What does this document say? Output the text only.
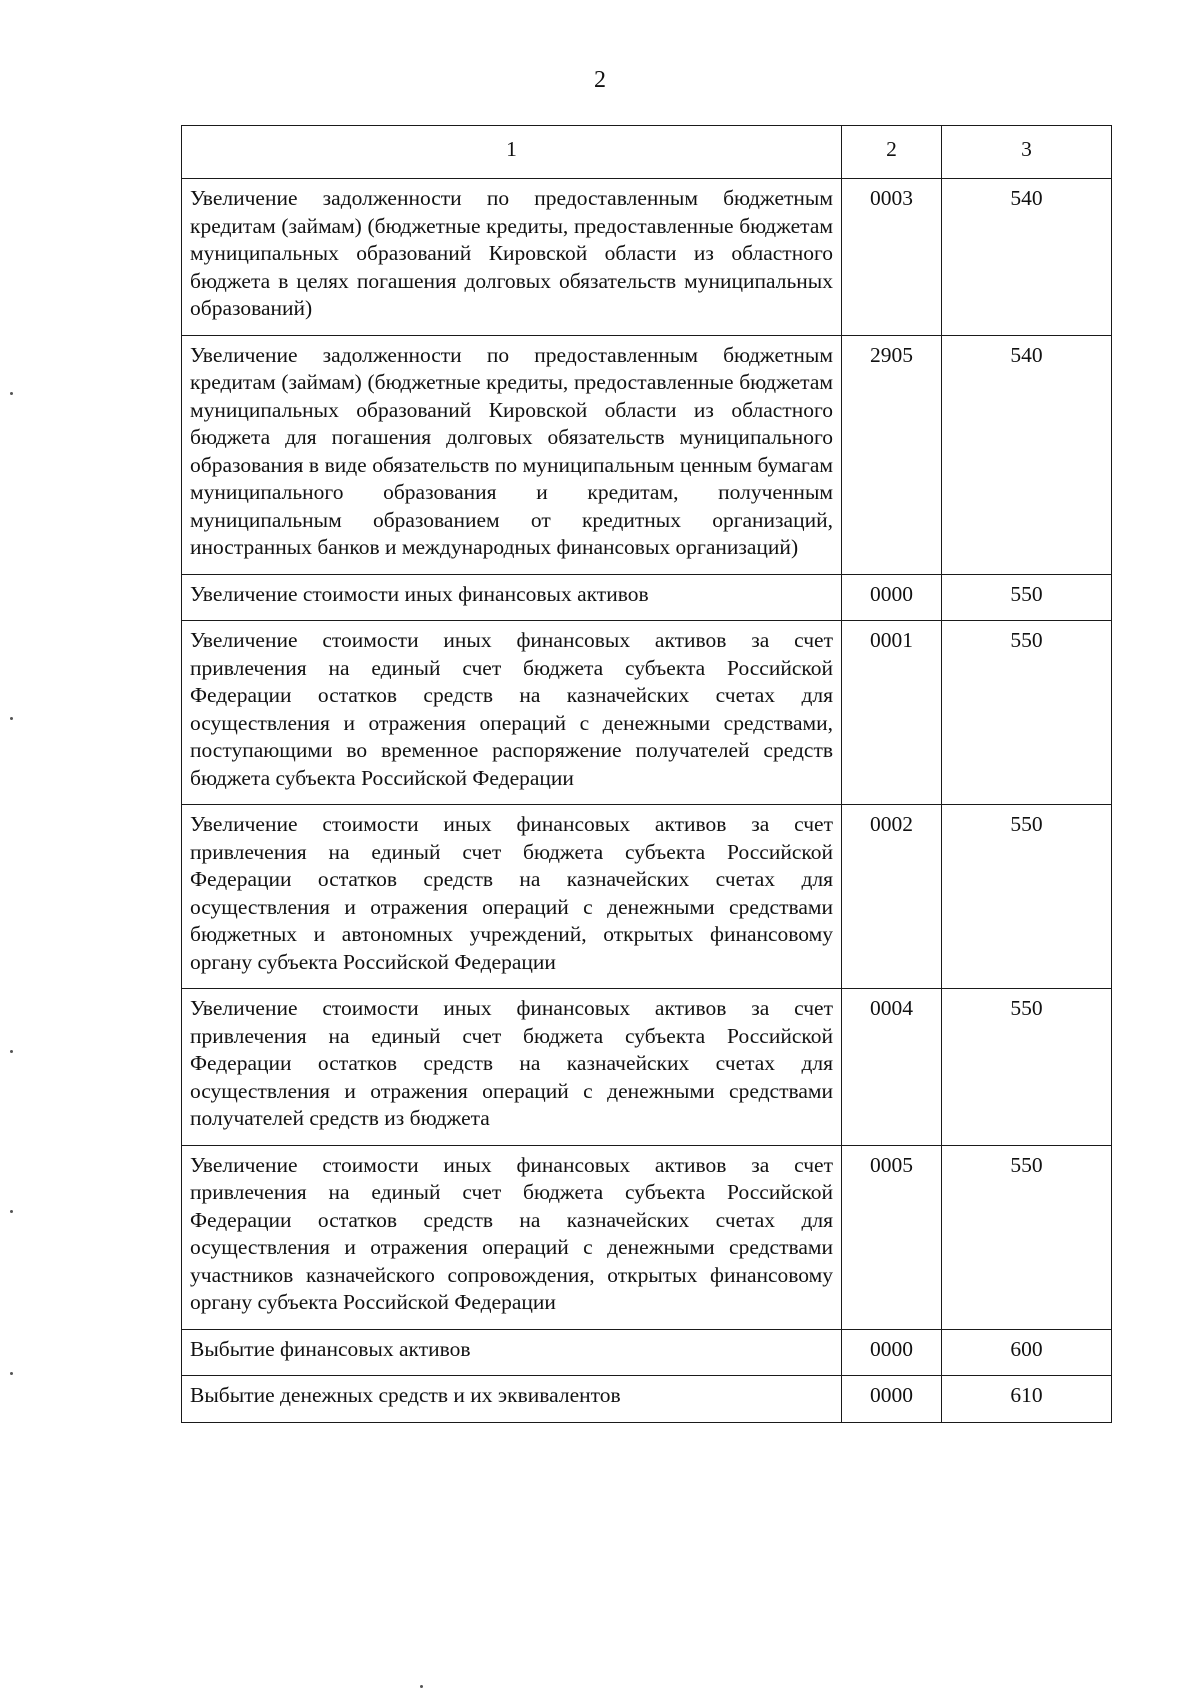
2
1	2	3
Увеличение задолженности по предоставленным бюджетным кредитам (займам) (бюджетные кредиты, предоставленные бюджетам муниципальных образований Кировской области из областного бюджета в целях погашения долговых обязательств муниципальных образований)	0003	540
Увеличение задолженности по предоставленным бюджетным кредитам (займам) (бюджетные кредиты, предоставленные бюджетам муниципальных образований Кировской области из областного бюджета для погашения долговых обязательств муниципального образования в виде обязательств по муниципальным ценным бумагам муниципального образования и кредитам, полученным муниципальным образованием от кредитных организаций, иностранных банков и международных финансовых организаций)	2905	540
Увеличение стоимости иных финансовых активов	0000	550
Увеличение стоимости иных финансовых активов за счет привлечения на единый счет бюджета субъекта Российской Федерации остатков средств на казначейских счетах для осуществления и отражения операций с денежными средствами, поступающими во временное распоряжение получателей средств бюджета субъекта Российской Федерации	0001	550
Увеличение стоимости иных финансовых активов за счет привлечения на единый счет бюджета субъекта Российской Федерации остатков средств на казначейских счетах для осуществления и отражения операций с денежными средствами бюджетных и автономных учреждений, открытых финансовому органу субъекта Российской Федерации	0002	550
Увеличение стоимости иных финансовых активов за счет привлечения на единый счет бюджета субъекта Российской Федерации остатков средств на казначейских счетах для осуществления и отражения операций с денежными средствами получателей средств из бюджета	0004	550
Увеличение стоимости иных финансовых активов за счет привлечения на единый счет бюджета субъекта Российской Федерации остатков средств на казначейских счетах для осуществления и отражения операций с денежными средствами участников казначейского сопровождения, открытых финансовому органу субъекта Российской Федерации	0005	550
Выбытие финансовых активов	0000	600
Выбытие денежных средств и их эквивалентов	0000	610
